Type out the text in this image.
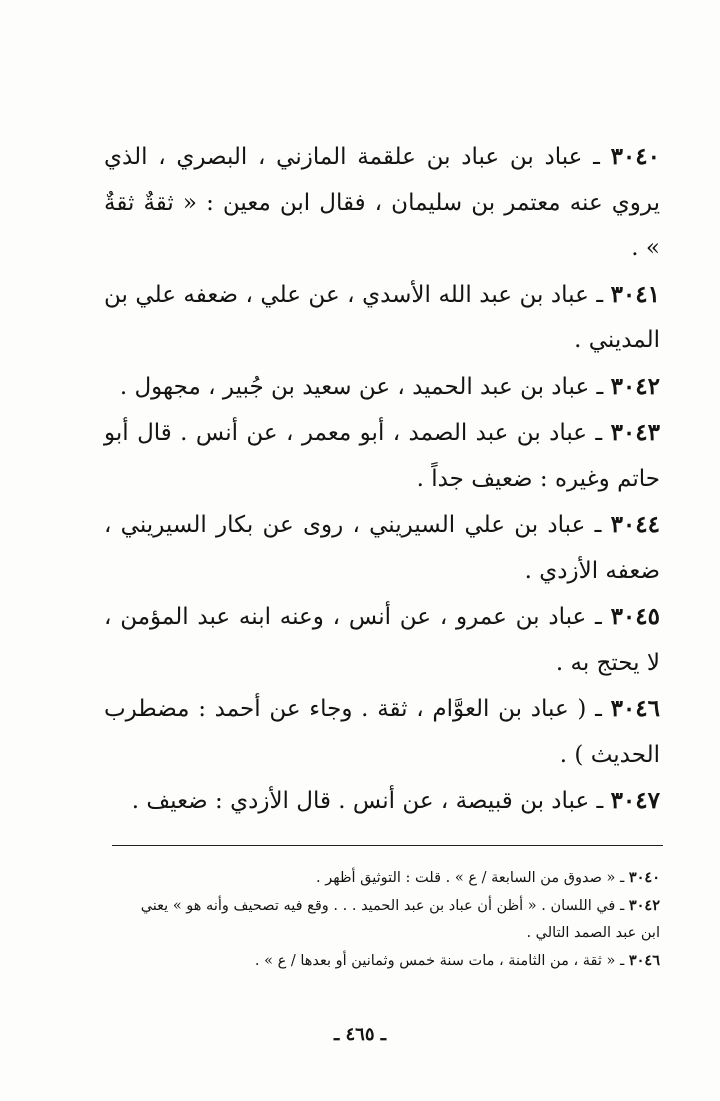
٣٠٤٠ ـ عباد بن عباد بن علقمة المازني ، البصري ، الذي يروي عنه معتمر بن سليمان ، فقال ابن معين : « ثقةٌ ثقةٌ » .

٣٠٤١ ـ عباد بن عبد الله الأسدي ، عن علي ، ضعفه علي بن المديني .

٣٠٤٢ ـ عباد بن عبد الحميد ، عن سعيد بن جُبير ، مجهول .

٣٠٤٣ ـ عباد بن عبد الصمد ، أبو معمر ، عن أنس . قال أبو حاتم وغيره : ضعيف جداً .

٣٠٤٤ ـ عباد بن علي السيريني ، روى عن بكار السيريني ، ضعفه الأزدي .

٣٠٤٥ ـ عباد بن عمرو ، عن أنس ، وعنه ابنه عبد المؤمن ، لا يحتج به .

٣٠٤٦ ـ ( عباد بن العوَّام ، ثقة . وجاء عن أحمد : مضطرب الحديث ) .

٣٠٤٧ ـ عباد بن قبيصة ، عن أنس . قال الأزدي : ضعيف .

٣٠٤٠ ـ « صدوق من السابعة / ع » . قلت : التوثيق أظهر .

٣٠٤٢ ـ في اللسان . « أظن أن عباد بن عبد الحميد . . . وقع فيه تصحيف وأنه هو » يعني

ابن عبد الصمد التالي .

٣٠٤٦ ـ « ثقة ، من الثامنة ، مات سنة خمس وثمانين أو بعدها / ع » .

ـ ٤٦٥ ـ
